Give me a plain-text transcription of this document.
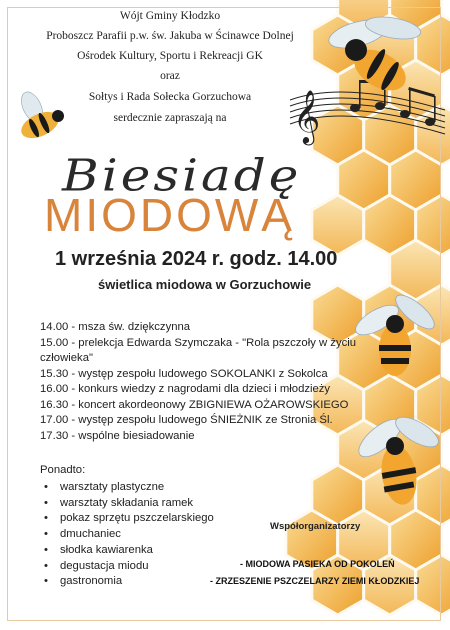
Wójt Gminy Kłodzko
Proboszcz Parafii p.w. św. Jakuba w Ścinawce Dolnej
Ośrodek Kultury, Sportu i Rekreacji GK
oraz
Sołtys i Rada Sołecka Gorzuchowa
serdecznie zapraszają na
Biesiadę
MIODOWĄ
1 września 2024 r. godz. 14.00
świetlica miodowa w Gorzuchowie
14.00 - msza św. dziękczynna
15.00 - prelekcja Edwarda Szymczaka - "Rola pszczoły w życiu człowieka"
15.30 - występ zespołu ludowego SOKOLANKI z Sokolca
16.00 - konkurs wiedzy z nagrodami dla dzieci i młodzieży
16.30 - koncert akordeonowy ZBIGNIEWA OŻAROWSKIEGO
17.00 - występ zespołu ludowego ŚNIEŻNIK ze Stronia Śl.
17.30 - wspólne biesiadowanie
Ponadto:
• warsztaty plastyczne
• warsztaty składania ramek
• pokaz sprzętu pszczelarskiego
• dmuchaniec
• słodka kawiarenka
• degustacja miodu
• gastronomia
Współorganizatorzy
- MIODOWA PASIEKA OD POKOLEŃ
- ZRZESZENIE PSZCZELARZY ZIEMI KŁODZKIEJ
𝄞
